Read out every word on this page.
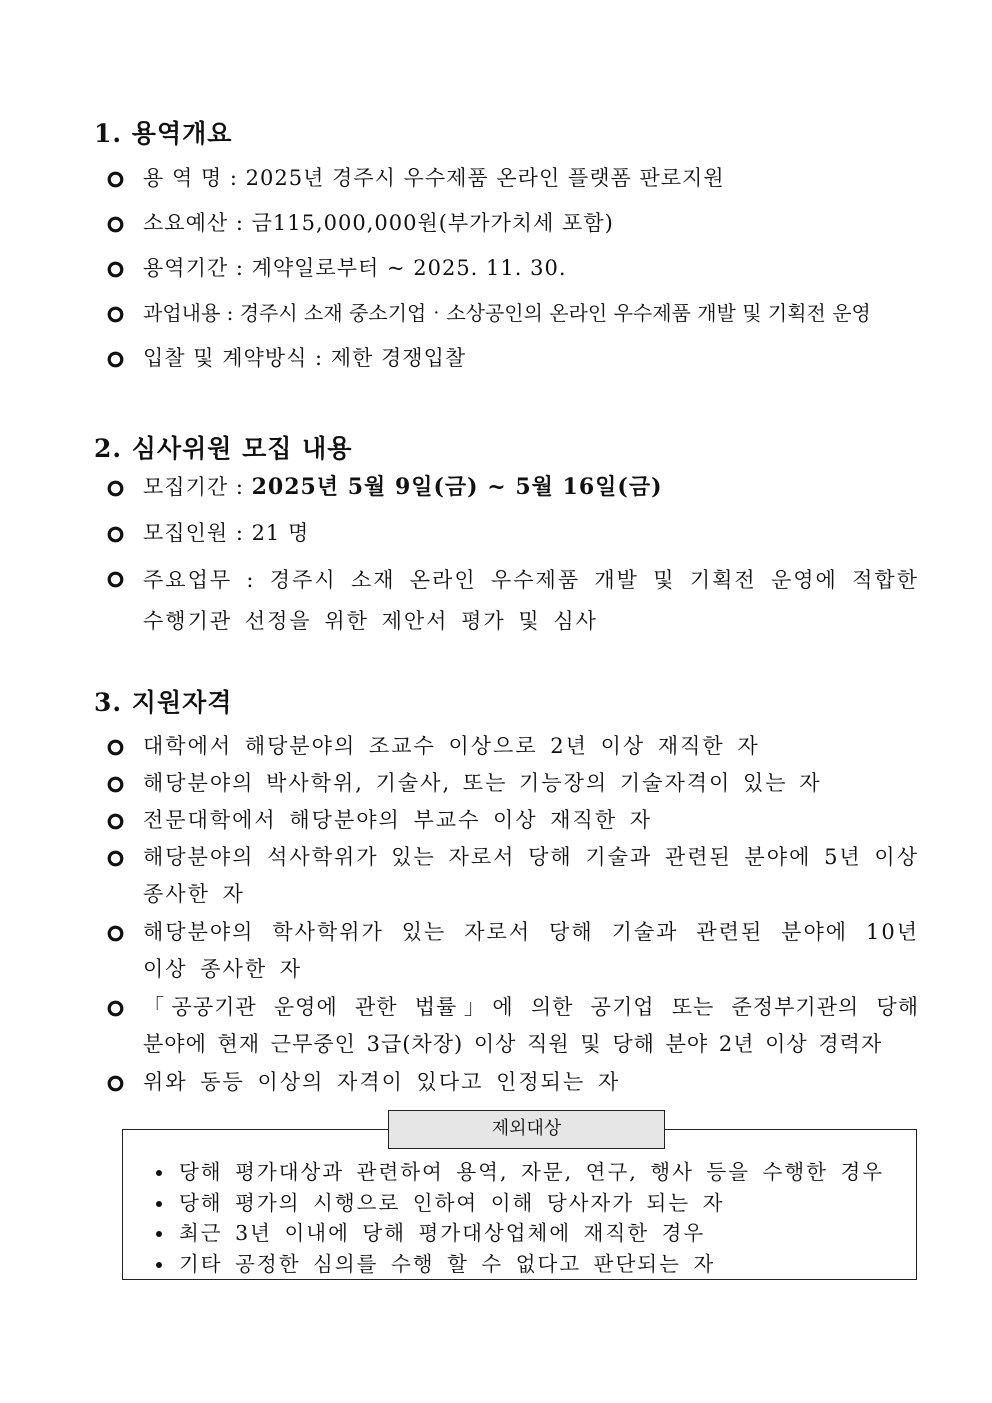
1. 용역개요
용 역 명 : 2025년 경주시 우수제품 온라인 플랫폼 판로지원
소요예산 : 금115,000,000원(부가가치세 포함)
용역기간 : 계약일로부터 ~ 2025. 11. 30.
과업내용 : 경주시 소재 중소기업‧소상공인의 온라인 우수제품 개발 및 기획전 운영
입찰 및 계약방식 : 제한 경쟁입찰
2. 심사위원 모집 내용
모집기간 : 2025년 5월 9일(금) ~ 5월 16일(금)
모집인원 : 21 명
주요업무 : 경주시 소재 온라인 우수제품 개발 및 기획전 운영에 적합한 수행기관 선정을 위한 제안서 평가 및 심사
3. 지원자격
대학에서 해당분야의 조교수 이상으로 2년 이상 재직한 자
해당분야의 박사학위, 기술사, 또는 기능장의 기술자격이 있는 자
전문대학에서 해당분야의 부교수 이상 재직한 자
해당분야의 석사학위가 있는 자로서 당해 기술과 관련된 분야에 5년 이상 종사한 자
해당분야의 학사학위가 있는 자로서 당해 기술과 관련된 분야에 10년 이상 종사한 자
「공공기관 운영에 관한 법률」에 의한 공기업 또는 준정부기관의 당해 분야에 현재 근무중인 3급(차장) 이상 직원 및 당해 분야 2년 이상 경력자
위와 동등 이상의 자격이 있다고 인정되는 자
제외대상
당해 평가대상과 관련하여 용역, 자문, 연구, 행사 등을 수행한 경우
당해 평가의 시행으로 인하여 이해 당사자가 되는 자
최근 3년 이내에 당해 평가대상업체에 재직한 경우
기타 공정한 심의를 수행 할 수 없다고 판단되는 자
